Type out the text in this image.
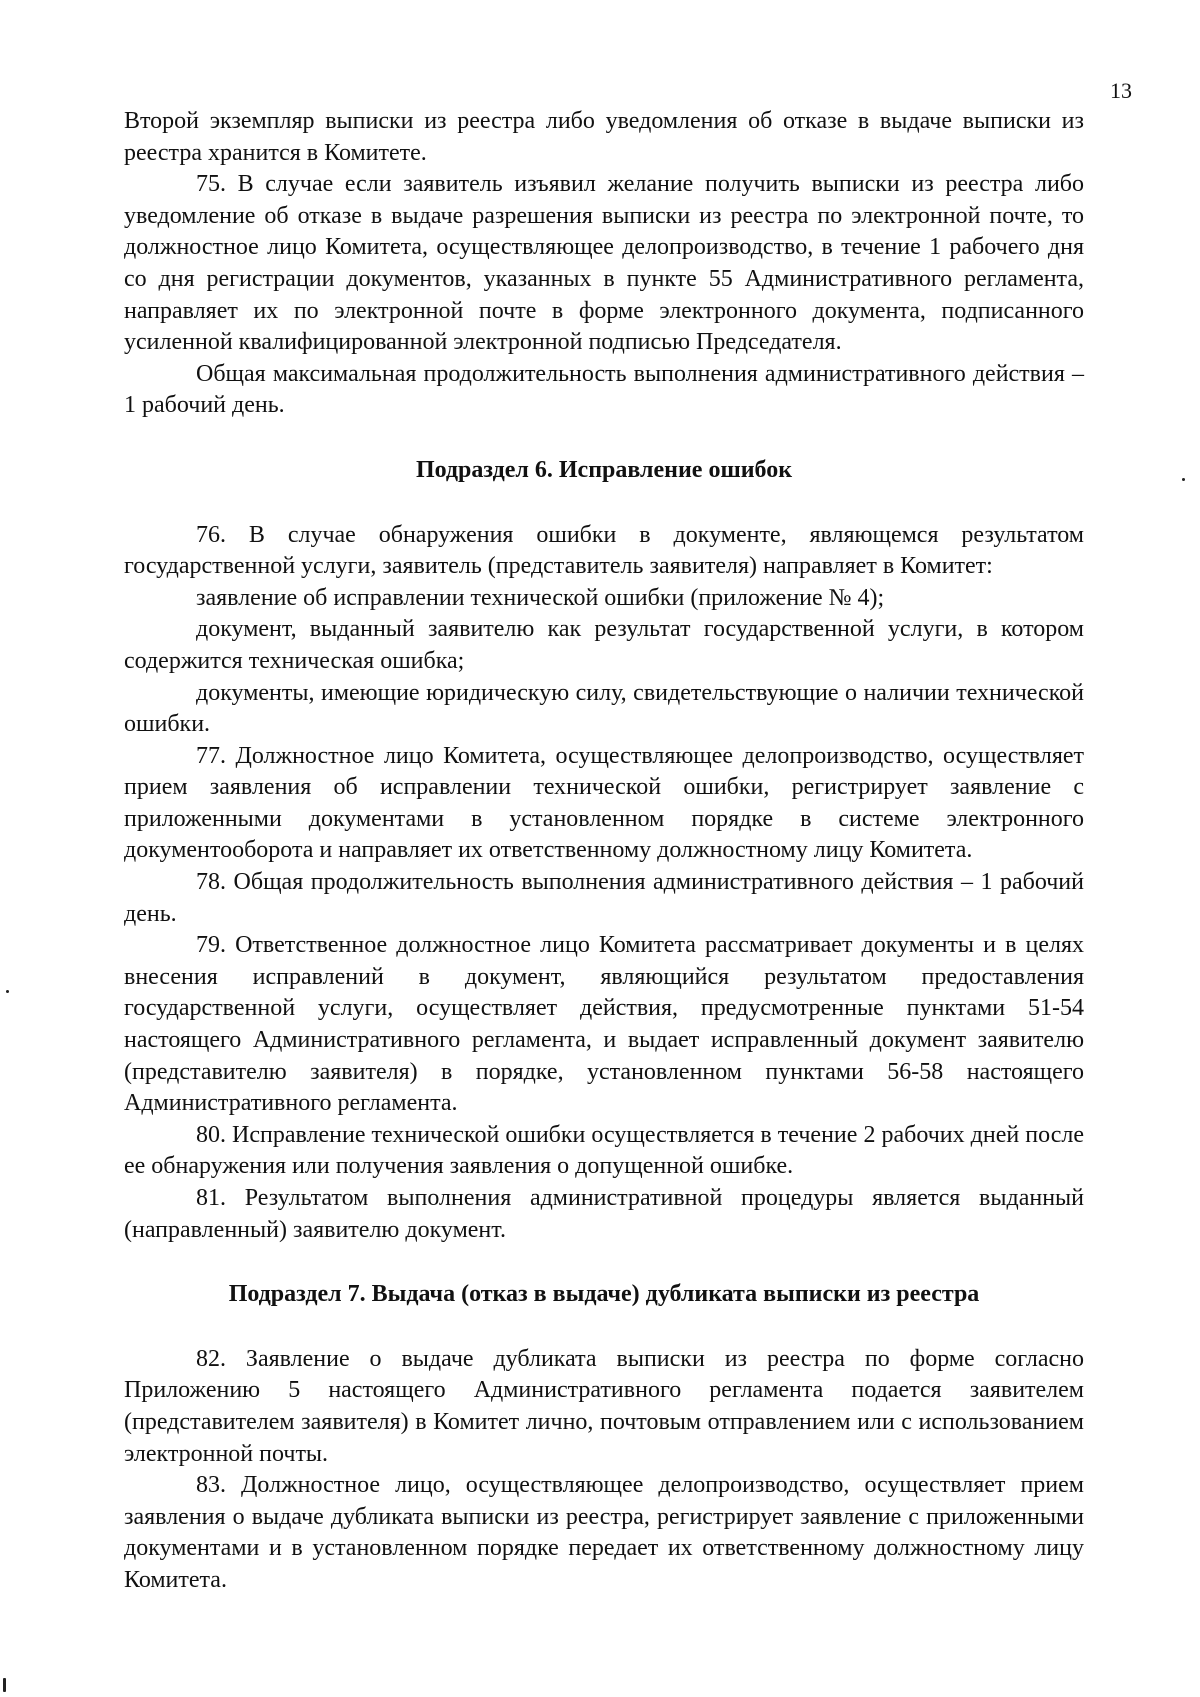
13

Второй экземпляр выписки из реестра либо уведомления об отказе в выдаче выписки из реестра хранится в Комитете.

75. В случае если заявитель изъявил желание получить выписки из реестра либо уведомление об отказе в выдаче разрешения выписки из реестра по электронной почте, то должностное лицо Комитета, осуществляющее делопроизводство, в течение 1 рабочего дня со дня регистрации документов, указанных в пункте 55 Административного регламента, направляет их по электронной почте в форме электронного документа, подписанного усиленной квалифицированной электронной подписью Председателя.

Общая максимальная продолжительность выполнения административного действия – 1 рабочий день.

Подраздел 6. Исправление ошибок

76. В случае обнаружения ошибки в документе, являющемся результатом государственной услуги, заявитель (представитель заявителя) направляет в Комитет:

заявление об исправлении технической ошибки (приложение № 4);

документ, выданный заявителю как результат государственной услуги, в котором содержится техническая ошибка;

документы, имеющие юридическую силу, свидетельствующие о наличии технической ошибки.

77. Должностное лицо Комитета, осуществляющее делопроизводство, осуществляет прием заявления об исправлении технической ошибки, регистрирует заявление с приложенными документами в установленном порядке в системе электронного документооборота и направляет их ответственному должностному лицу Комитета.

78. Общая продолжительность выполнения административного действия – 1 рабочий день.

79. Ответственное должностное лицо Комитета рассматривает документы и в целях внесения исправлений в документ, являющийся результатом предоставления государственной услуги, осуществляет действия, предусмотренные пунктами 51-54 настоящего Административного регламента, и выдает исправленный документ заявителю (представителю заявителя) в порядке, установленном пунктами 56-58 настоящего Административного регламента.

80. Исправление технической ошибки осуществляется в течение 2 рабочих дней после ее обнаружения или получения заявления о допущенной ошибке.

81. Результатом выполнения административной процедуры является выданный (направленный) заявителю документ.

Подраздел 7. Выдача (отказ в выдаче) дубликата выписки из реестра

82. Заявление о выдаче дубликата выписки из реестра по форме согласно Приложению 5 настоящего Административного регламента подается заявителем (представителем заявителя) в Комитет лично, почтовым отправлением или с использованием электронной почты.

83. Должностное лицо, осуществляющее делопроизводство, осуществляет прием заявления о выдаче дубликата выписки из реестра, регистрирует заявление с приложенными документами и в установленном порядке передает их ответственному должностному лицу Комитета.
